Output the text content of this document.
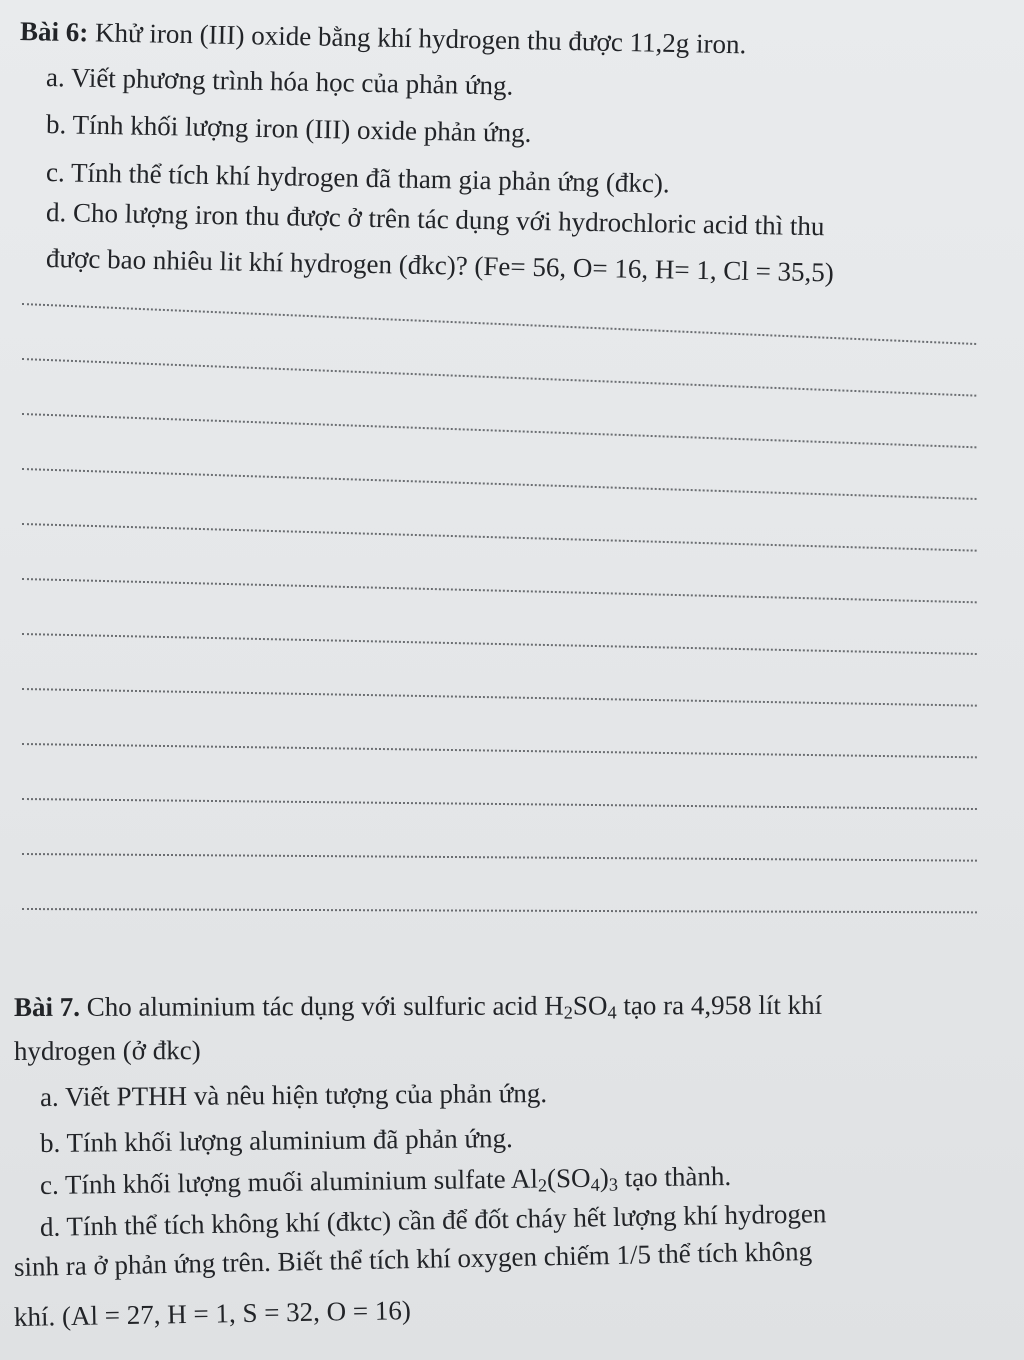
Bài 6: Khử iron (III) oxide bằng khí hydrogen thu được 11,2g iron.
a. Viết phương trình hóa học của phản ứng.
b. Tính khối lượng iron (III) oxide phản ứng.
c. Tính thể tích khí hydrogen đã tham gia phản ứng (đkc).
d. Cho lượng iron thu được ở trên tác dụng với hydrochloric acid thì thu
được bao nhiêu lit khí hydrogen (đkc)? (Fe= 56, O= 16, H= 1, Cl = 35,5)
Bài 7. Cho aluminium tác dụng với sulfuric acid $H_2SO_4$ tạo ra 4,958 lít khí
hydrogen (ở đkc)
a. Viết PTHH và nêu hiện tượng của phản ứng.
b. Tính khối lượng aluminium đã phản ứng.
c. Tính khối lượng muối aluminium sulfate $Al_2(SO_4)_3$ tạo thành.
d. Tính thể tích không khí (đktc) cần để đốt cháy hết lượng khí hydrogen
sinh ra ở phản ứng trên. Biết thể tích khí oxygen chiếm 1/5 thể tích không
khí. (Al = 27, H = 1, S = 32, O = 16)
